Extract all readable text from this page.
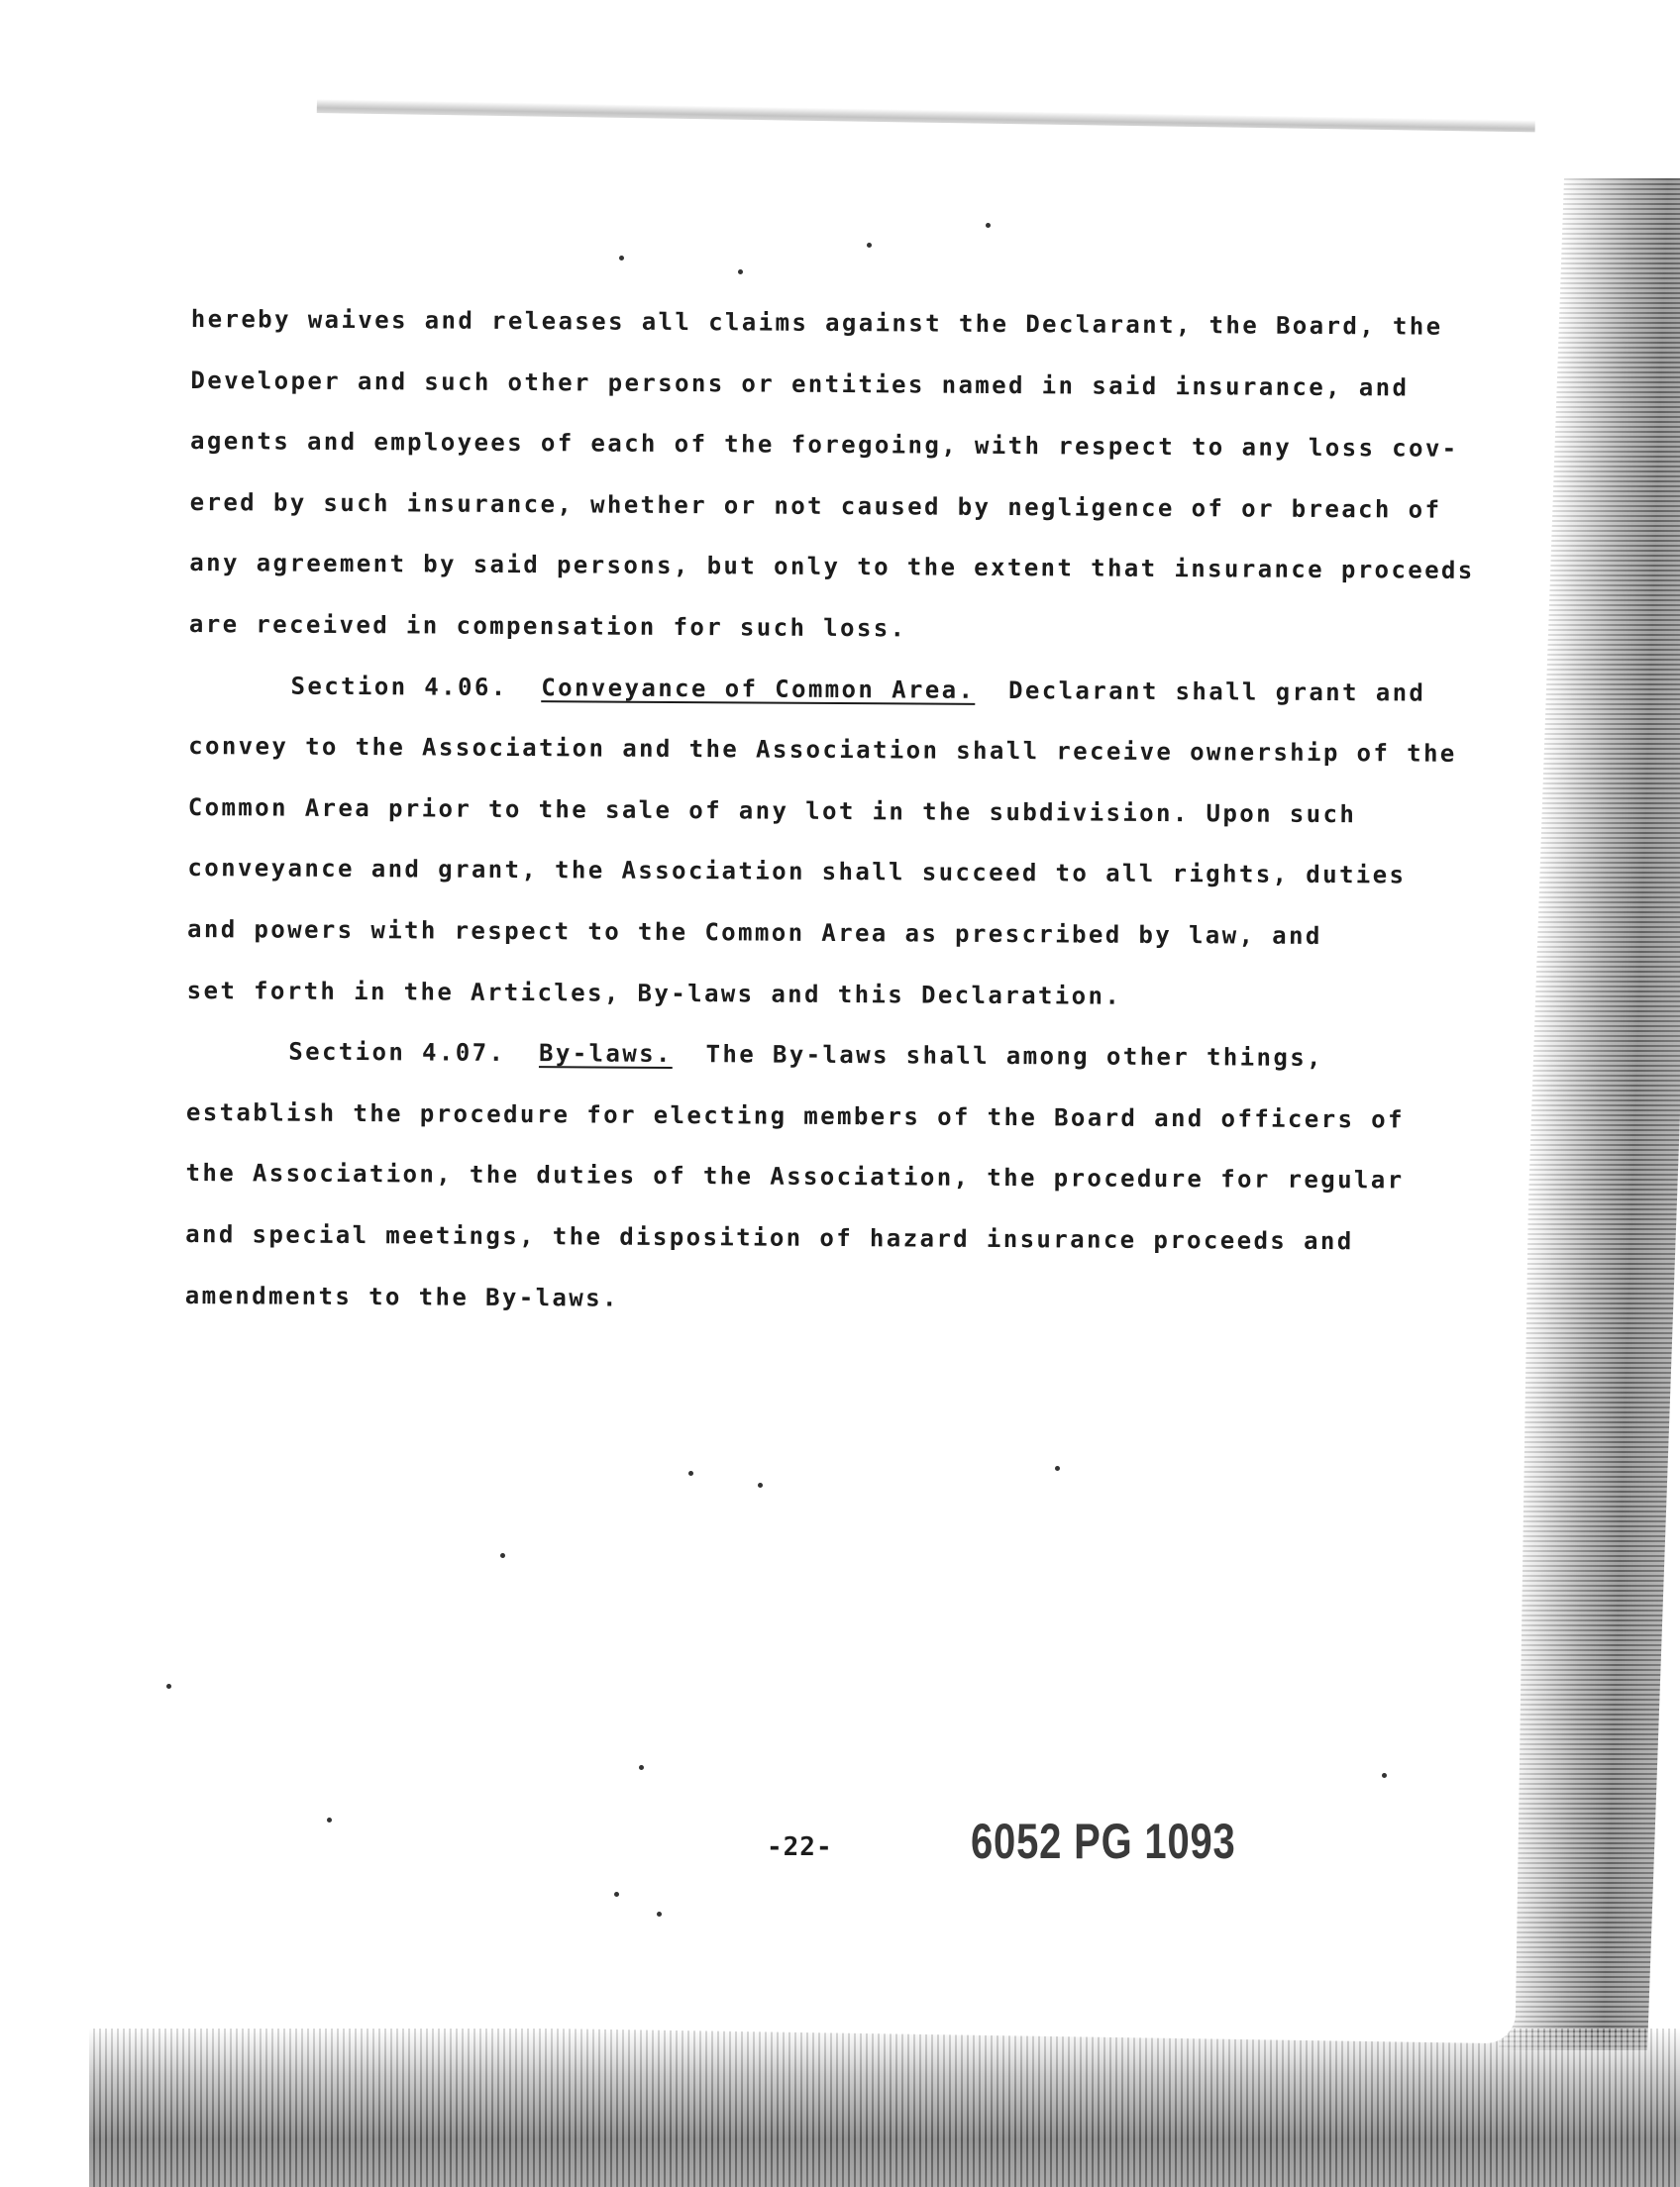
hereby waives and releases all claims against the Declarant, the Board, the
Developer and such other persons or entities named in said insurance, and
agents and employees of each of the foregoing, with respect to any loss cov-
ered by such insurance, whether or not caused by negligence of or breach of
any agreement by said persons, but only to the extent that insurance proceeds
are received in compensation for such loss.
Section 4.06. Conveyance of Common Area. Declarant shall grant and
convey to the Association and the Association shall receive ownership of the
Common Area prior to the sale of any lot in the subdivision. Upon such
conveyance and grant, the Association shall succeed to all rights, duties
and powers with respect to the Common Area as prescribed by law, and
set forth in the Articles, By-laws and this Declaration.
Section 4.07. By-laws. The By-laws shall among other things,
establish the procedure for electing members of the Board and officers of
the Association, the duties of the Association, the procedure for regular
and special meetings, the disposition of hazard insurance proceeds and
amendments to the By-laws.
-22-	6052 PG 1093
